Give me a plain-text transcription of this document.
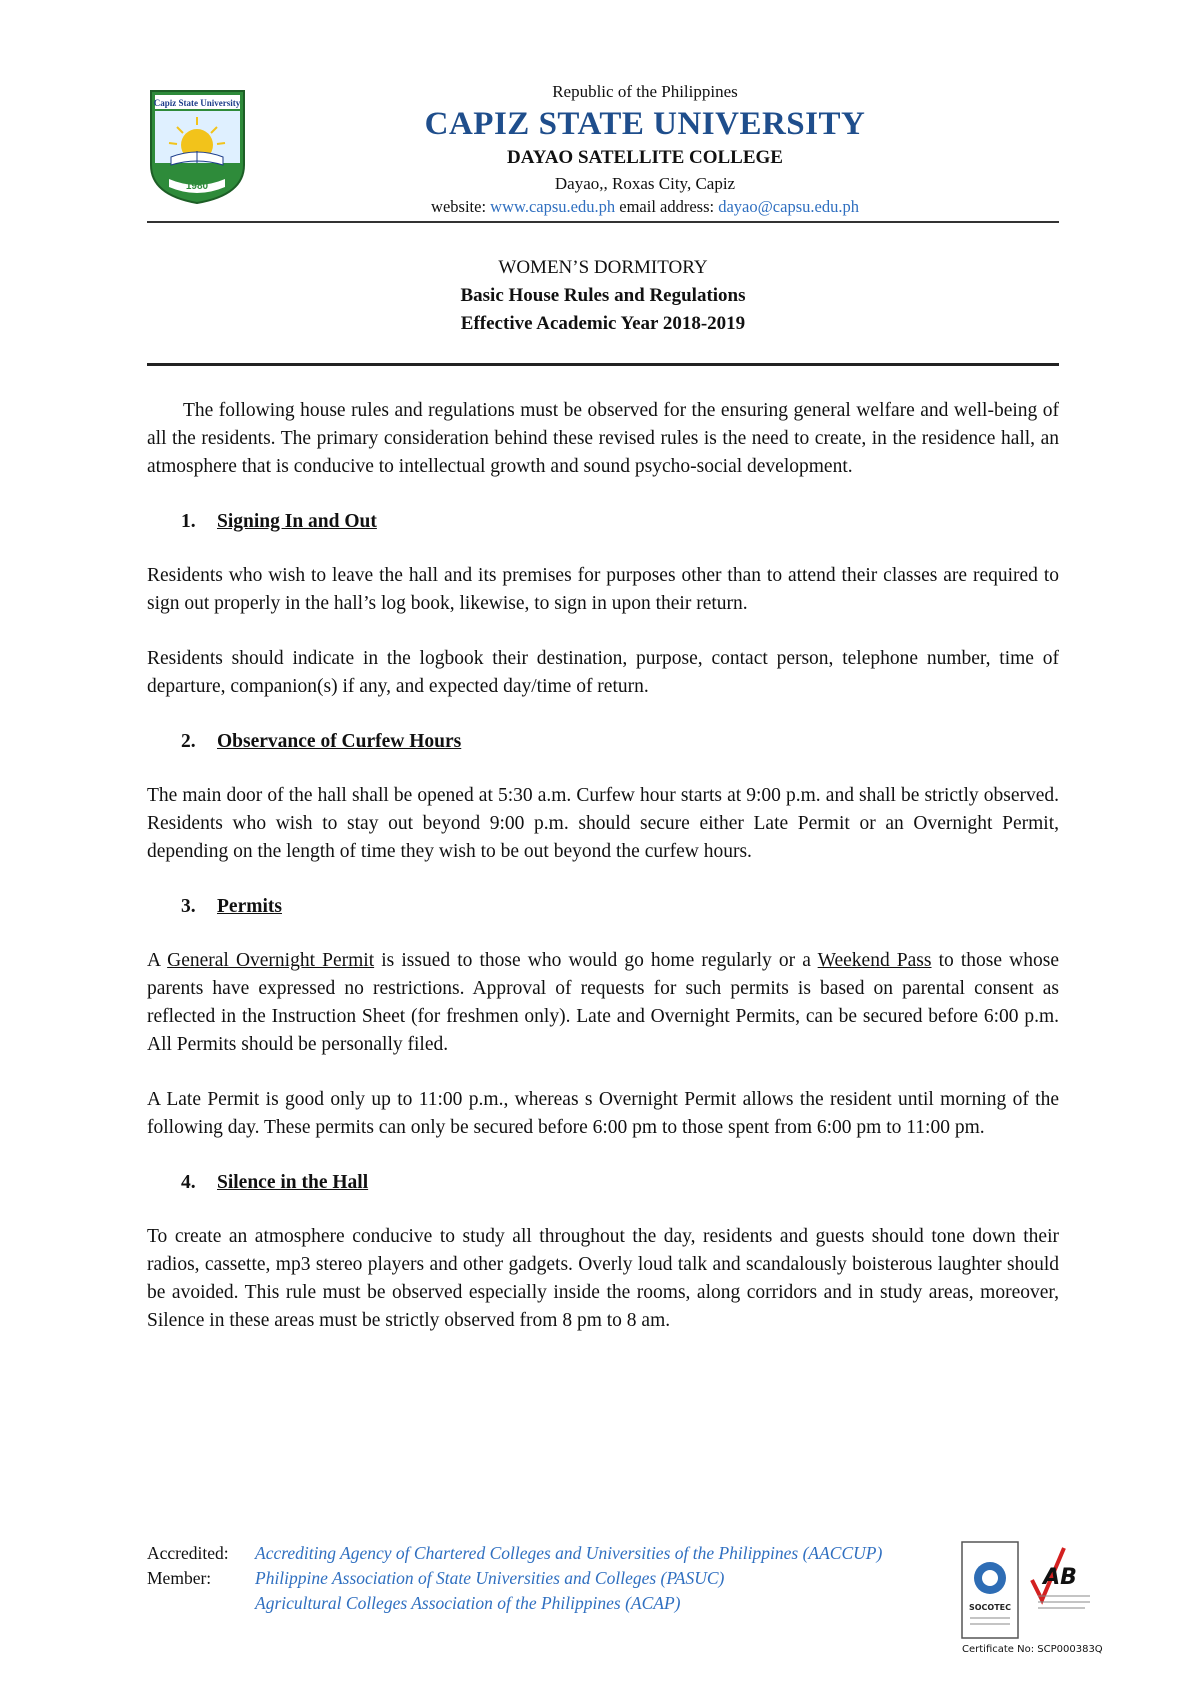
Capiz State University
1980
Republic of the Philippines
CAPIZ STATE UNIVERSITY
DAYAO SATELLITE COLLEGE
Dayao,, Roxas City, Capiz
website: www.capsu.edu.ph email address: dayao@capsu.edu.ph
WOMEN’S DORMITORY
Basic House Rules and Regulations
Effective Academic Year 2018-2019

The following house rules and regulations must be observed for the ensuring general welfare and well-being of all the residents. The primary consideration behind these revised rules is the need to create, in the residence hall, an atmosphere that is conducive to intellectual growth and sound psycho-social development.

1. Signing In and Out

Residents who wish to leave the hall and its premises for purposes other than to attend their classes are required to sign out properly in the hall’s log book, likewise, to sign in upon their return.

Residents should indicate in the logbook their destination, purpose, contact person, telephone number, time of departure, companion(s) if any, and expected day/time of return.

2. Observance of Curfew Hours

The main door of the hall shall be opened at 5:30 a.m. Curfew hour starts at 9:00 p.m. and shall be strictly observed. Residents who wish to stay out beyond 9:00 p.m. should secure either Late Permit or an Overnight Permit, depending on the length of time they wish to be out beyond the curfew hours.

3. Permits

A General Overnight Permit is issued to those who would go home regularly or a Weekend Pass to those whose parents have expressed no restrictions. Approval of requests for such permits is based on parental consent as reflected in the Instruction Sheet (for freshmen only). Late and Overnight Permits, can be secured before 6:00 p.m. All Permits should be personally filed.

A Late Permit is good only up to 11:00 p.m., whereas s Overnight Permit allows the resident until morning of the following day. These permits can only be secured before 6:00 pm to those spent from 6:00 pm to 11:00 pm.

4. Silence in the Hall

To create an atmosphere conducive to study all throughout the day, residents and guests should tone down their radios, cassette, mp3 stereo players and other gadgets. Overly loud talk and scandalously boisterous laughter should be avoided. This rule must be observed especially inside the rooms, along corridors and in study areas, moreover, Silence in these areas must be strictly observed from 8 pm to 8 am.

Accredited:	Accrediting Agency of Chartered Colleges and Universities of the Philippines (AACCUP)
Member:	Philippine Association of State Universities and Colleges (PASUC)
Agricultural Colleges Association of the Philippines (ACAP)	SOCOTEC
AB
Certificate No: SCP000383Q
